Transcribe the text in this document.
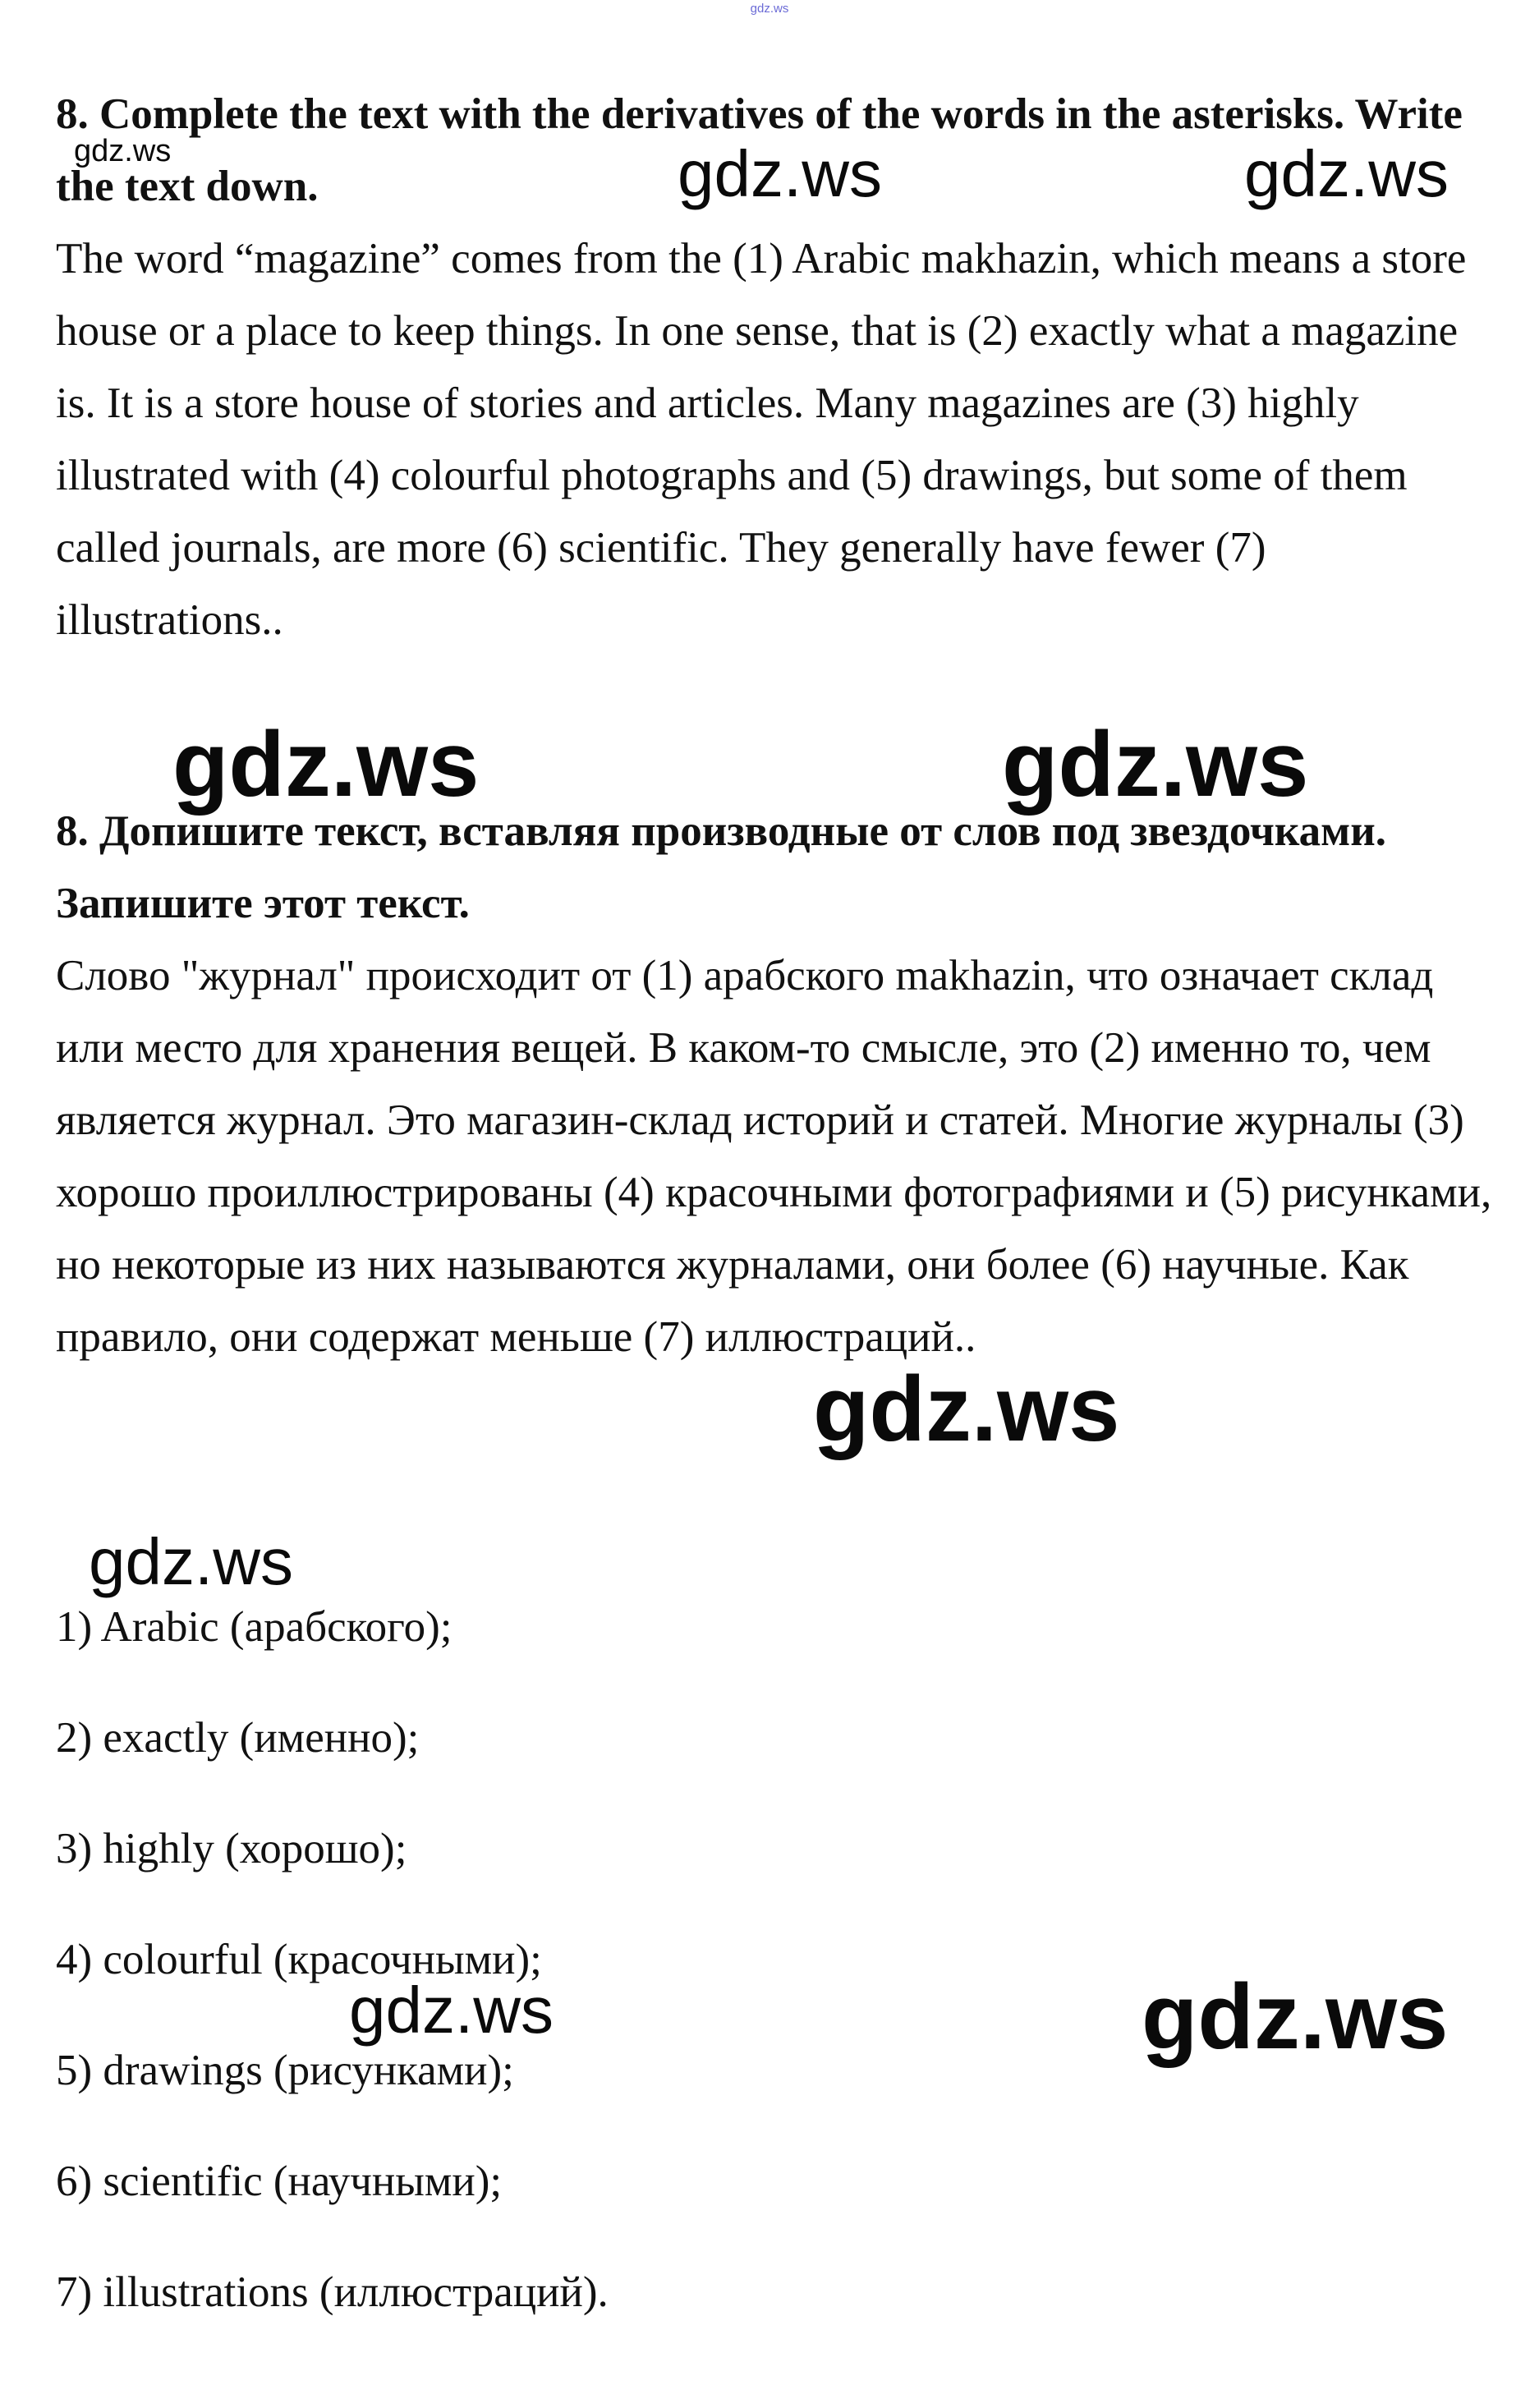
gdz.ws

8. Complete the text with the derivatives of the words in the asterisks. Write the text down.

The word “magazine” comes from the (1) Arabic makhazin, which means a store house or a place to keep things. In one sense, that is (2) exactly what a magazine is. It is a store house of stories and articles. Many magazines are (3) highly illustrated with (4) colourful photographs and (5) drawings, but some of them called journals, are more (6) scientific. They generally have fewer (7) illustrations..

8. Допишите текст, вставляя производные от слов под звездочками. Запишите этот текст.

Слово "журнал" происходит от (1) арабского makhazin, что означает склад или место для хранения вещей. В каком-то смысле, это (2) именно то, чем является журнал. Это магазин-склад историй и статей. Многие журналы (3) хорошо проиллюстрированы (4) красочными фотографиями и (5) рисунками, но некоторые из них называются журналами, они более (6) научные. Как правило, они содержат меньше (7) иллюстраций..

1) Arabic (арабского);
2) exactly (именно);
3) highly (хорошо);
4) colourful (красочными);
5) drawings (рисунками);
6) scientific (научными);
7) illustrations (иллюстраций).
gdz.ws	gdz.ws	gdz.ws
gdz.ws	gdz.ws
gdz.ws
gdz.ws
gdz.ws	gdz.ws
